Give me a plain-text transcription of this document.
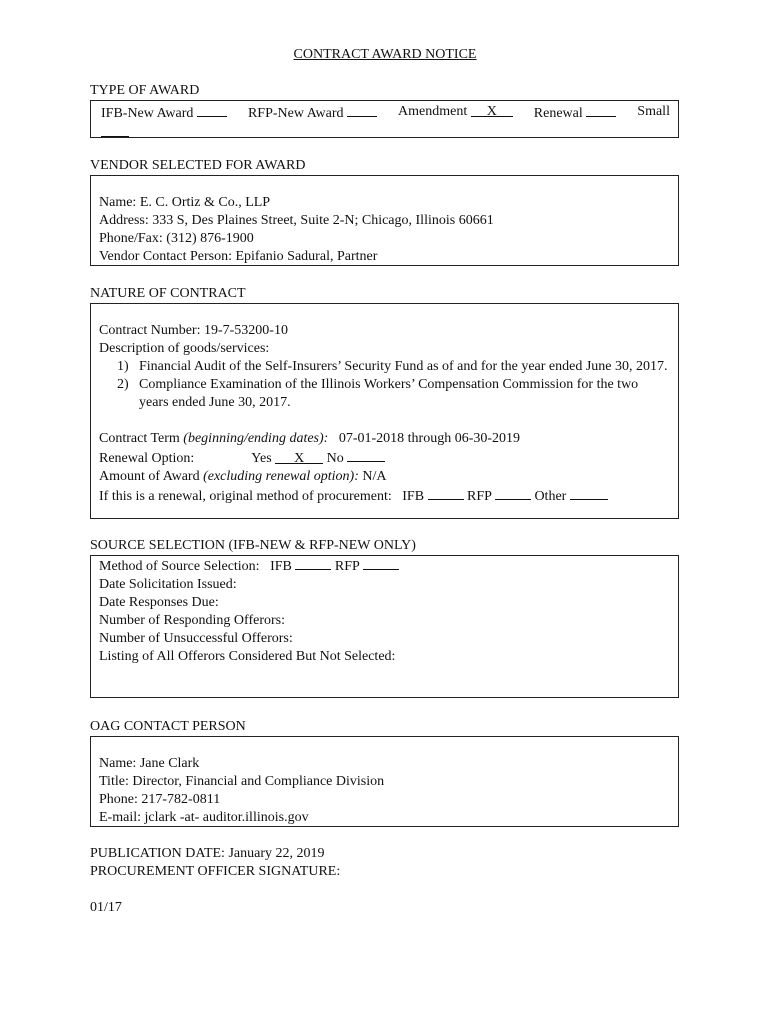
CONTRACT AWARD NOTICE
TYPE OF AWARD
IFB-New Award	RFP-New Award	Amendment X	Renewal	Small
VENDOR SELECTED FOR AWARD
Name: E. C. Ortiz & Co., LLP
Address: 333 S, Des Plaines Street, Suite 2-N; Chicago, Illinois 60661
Phone/Fax: (312) 876-1900
Vendor Contact Person: Epifanio Sadural, Partner
NATURE OF CONTRACT
Contract Number: 19-7-53200-10
Description of goods/services:
1) Financial Audit of the Self-Insurers’ Security Fund as of and for the year ended June 30, 2017.
2) Compliance Examination of the Illinois Workers’ Compensation Commission for the two years ended June 30, 2017.
Contract Term (beginning/ending dates): 07-01-2018 through 06-30-2019
Renewal Option:	Yes X No
Amount of Award (excluding renewal option): N/A
If this is a renewal, original method of procurement: IFB	RFP	Other
SOURCE SELECTION (IFB-NEW & RFP-NEW ONLY)
Method of Source Selection: IFB	RFP
Date Solicitation Issued:
Date Responses Due:
Number of Responding Offerors:
Number of Unsuccessful Offerors:
Listing of All Offerors Considered But Not Selected:
OAG CONTACT PERSON
Name: Jane Clark
Title: Director, Financial and Compliance Division
Phone: 217-782-0811
E-mail: jclark -at- auditor.illinois.gov
PUBLICATION DATE: January 22, 2019
PROCUREMENT OFFICER SIGNATURE:
01/17
